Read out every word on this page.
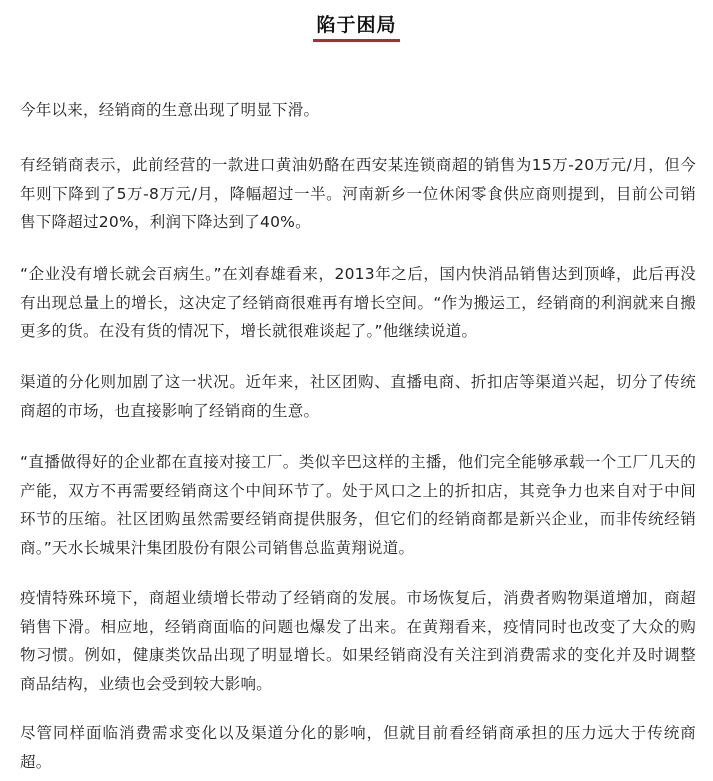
陷于困局

今年以来，经销商的生意出现了明显下滑。

有经销商表示，此前经营的一款进口黄油奶酪在西安某连锁商超的销售为15万-20万元/月，但今年则下降到了5万-8万元/月，降幅超过一半。河南新乡一位休闲零食供应商则提到，目前公司销售下降超过20%，利润下降达到了40%。

“企业没有增长就会百病生。”在刘春雄看来，2013年之后，国内快消品销售达到顶峰，此后再没有出现总量上的增长，这决定了经销商很难再有增长空间。“作为搬运工，经销商的利润就来自搬更多的货。在没有货的情况下，增长就很难谈起了。”他继续说道。

渠道的分化则加剧了这一状况。近年来，社区团购、直播电商、折扣店等渠道兴起，切分了传统商超的市场，也直接影响了经销商的生意。

“直播做得好的企业都在直接对接工厂。类似辛巴这样的主播，他们完全能够承载一个工厂几天的产能，双方不再需要经销商这个中间环节了。处于风口之上的折扣店，其竞争力也来自对于中间环节的压缩。社区团购虽然需要经销商提供服务，但它们的经销商都是新兴企业，而非传统经销商。”天水长城果汁集团股份有限公司销售总监黄翔说道。

疫情特殊环境下，商超业绩增长带动了经销商的发展。市场恢复后，消费者购物渠道增加，商超销售下滑。相应地，经销商面临的问题也爆发了出来。在黄翔看来，疫情同时也改变了大众的购物习惯。例如，健康类饮品出现了明显增长。如果经销商没有关注到消费需求的变化并及时调整商品结构，业绩也会受到较大影响。

尽管同样面临消费需求变化以及渠道分化的影响，但就目前看经销商承担的压力远大于传统商超。
